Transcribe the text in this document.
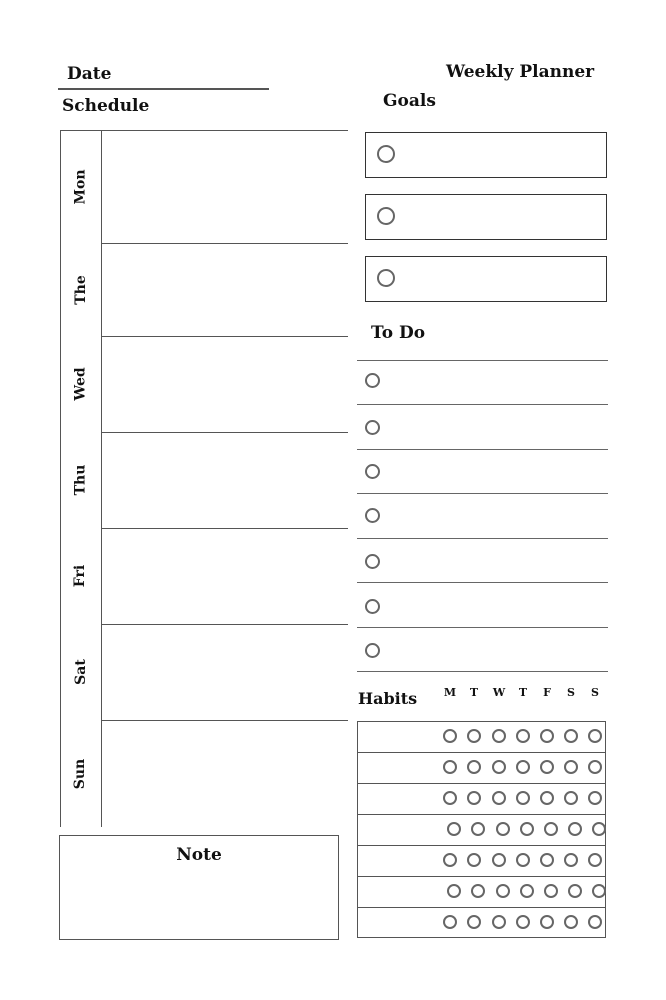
Date	Weekly Planner
Schedule	Goals
Mon
The
Wed
Thu
Fri
Sat
Sun
Note
To Do
Habits M T W T F S S
